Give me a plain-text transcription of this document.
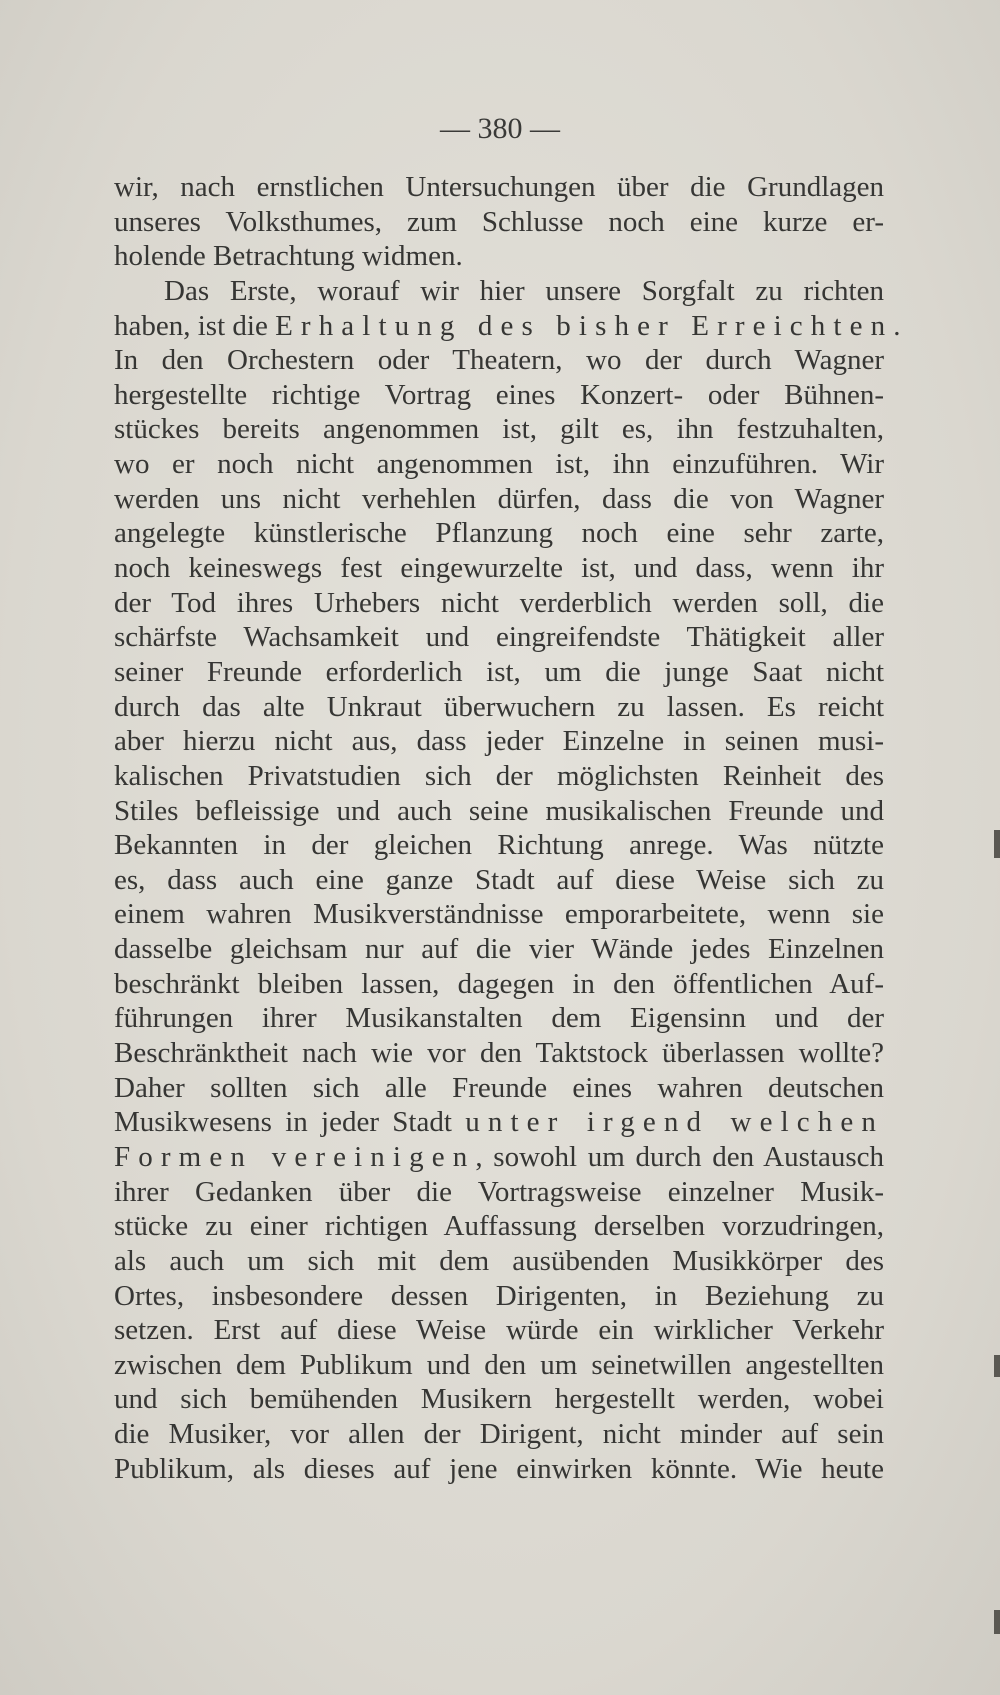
— 380 —
wir, nach ernstlichen Untersuchungen über die Grundlagen
unseres Volksthumes, zum Schlusse noch eine kurze er-
holende Betrachtung widmen.
Das Erste, worauf wir hier unsere Sorgfalt zu richten
haben, ist die Erhaltung des bisher Erreichten.
In den Orchestern oder Theatern, wo der durch Wagner
hergestellte richtige Vortrag eines Konzert- oder Bühnen-
stückes bereits angenommen ist, gilt es, ihn festzuhalten,
wo er noch nicht angenommen ist, ihn einzuführen. Wir
werden uns nicht verhehlen dürfen, dass die von Wagner
angelegte künstlerische Pflanzung noch eine sehr zarte,
noch keineswegs fest eingewurzelte ist, und dass, wenn ihr
der Tod ihres Urhebers nicht verderblich werden soll, die
schärfste Wachsamkeit und eingreifendste Thätigkeit aller
seiner Freunde erforderlich ist, um die junge Saat nicht
durch das alte Unkraut überwuchern zu lassen. Es reicht
aber hierzu nicht aus, dass jeder Einzelne in seinen musi-
kalischen Privatstudien sich der möglichsten Reinheit des
Stiles befleissige und auch seine musikalischen Freunde und
Bekannten in der gleichen Richtung anrege. Was nützte
es, dass auch eine ganze Stadt auf diese Weise sich zu
einem wahren Musikverständnisse emporarbeitete, wenn sie
dasselbe gleichsam nur auf die vier Wände jedes Einzelnen
beschränkt bleiben lassen, dagegen in den öffentlichen Auf-
führungen ihrer Musikanstalten dem Eigensinn und der
Beschränktheit nach wie vor den Taktstock überlassen wollte?
Daher sollten sich alle Freunde eines wahren deutschen
Musikwesens in jeder Stadt unter irgend welchen
Formen vereinigen, sowohl um durch den Austausch
ihrer Gedanken über die Vortragsweise einzelner Musik-
stücke zu einer richtigen Auffassung derselben vorzudringen,
als auch um sich mit dem ausübenden Musikkörper des
Ortes, insbesondere dessen Dirigenten, in Beziehung zu
setzen. Erst auf diese Weise würde ein wirklicher Verkehr
zwischen dem Publikum und den um seinetwillen angestellten
und sich bemühenden Musikern hergestellt werden, wobei
die Musiker, vor allen der Dirigent, nicht minder auf sein
Publikum, als dieses auf jene einwirken könnte. Wie heute
